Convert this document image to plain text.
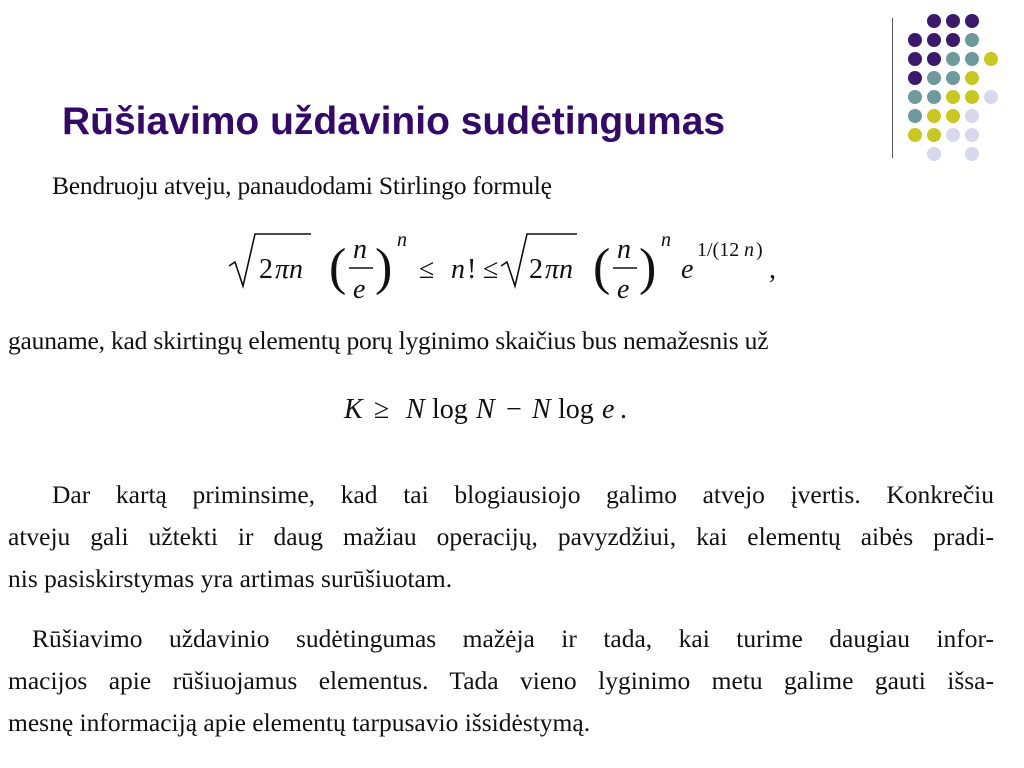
Rūšiavimo uždavinio sudėtingumas
Bendruoju atveju, panaudodami Stirlingo formulę
2 πn ( n
e ) n
≤ n ! ≤ 2 πn ( n
e ) n
e
1/(12 n )
,
gauname, kad skirtingų elementų porų lyginimo skaičius bus nemažesnis už
K ≥ N log N − N log e .
Dar kartą priminsime, kad tai blogiausiojo galimo atvejo įvertis. Konkrečiu
atveju gali užtekti ir daug mažiau operacijų, pavyzdžiui, kai elementų aibės pradi-
nis pasiskirstymas yra artimas surūšiuotam.
Rūšiavimo uždavinio sudėtingumas mažėja ir tada, kai turime daugiau infor-
macijos apie rūšiuojamus elementus. Tada vieno lyginimo metu galime gauti išsa-
mesnę informaciją apie elementų tarpusavio išsidėstymą.
